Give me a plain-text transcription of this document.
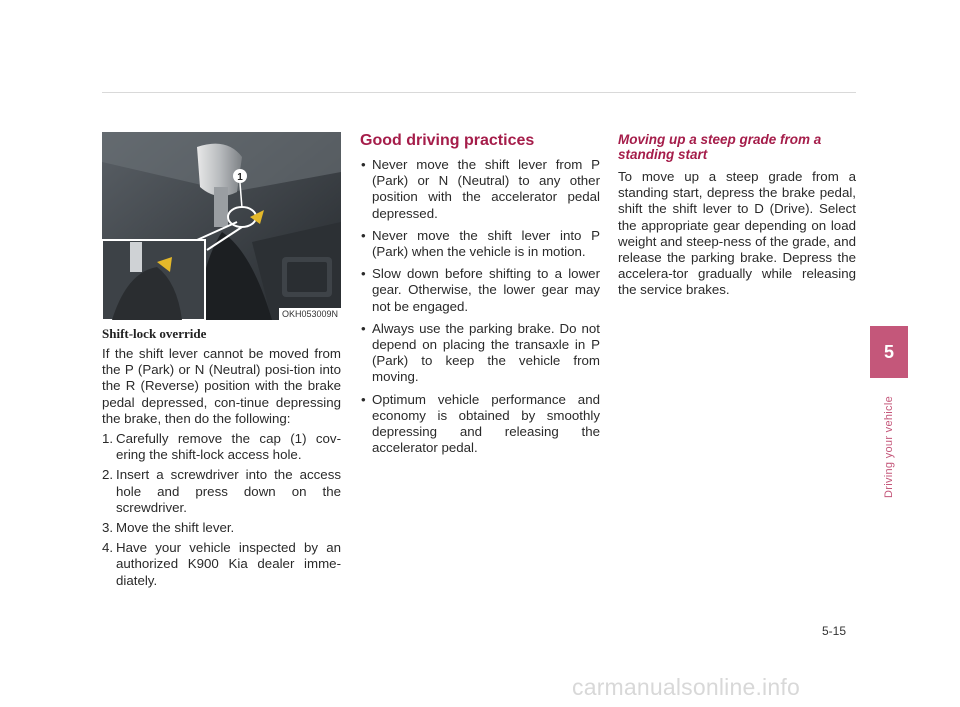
1
OKH053009N
Shift-lock override

If the shift lever cannot be moved from the P (Park) or N (Neutral) posi-tion into the R (Reverse) position with the brake pedal depressed, con-tinue depressing the brake, then do the following:

1. Carefully remove the cap (1) cov-ering the shift-lock access hole.
2. Insert a screwdriver into the access hole and press down on the screwdriver.
3. Move the shift lever.
4. Have your vehicle inspected by an authorized K900 Kia dealer imme-diately.
Good driving practices
• Never move the shift lever from P (Park) or N (Neutral) to any other position with the accelerator pedal depressed.
• Never move the shift lever into P (Park) when the vehicle is in motion.
• Slow down before shifting to a lower gear. Otherwise, the lower gear may not be engaged.
• Always use the parking brake. Do not depend on placing the transaxle in P (Park) to keep the vehicle from moving.
• Optimum vehicle performance and economy is obtained by smoothly depressing and releasing the accelerator pedal.
Moving up a steep grade from a standing start

To move up a steep grade from a standing start, depress the brake pedal, shift the shift lever to D (Drive). Select the appropriate gear depending on load weight and steep-ness of the grade, and release the parking brake. Depress the accelera-tor gradually while releasing the service brakes.

5
Driving your vehicle
5-15
carmanualsonline.info
